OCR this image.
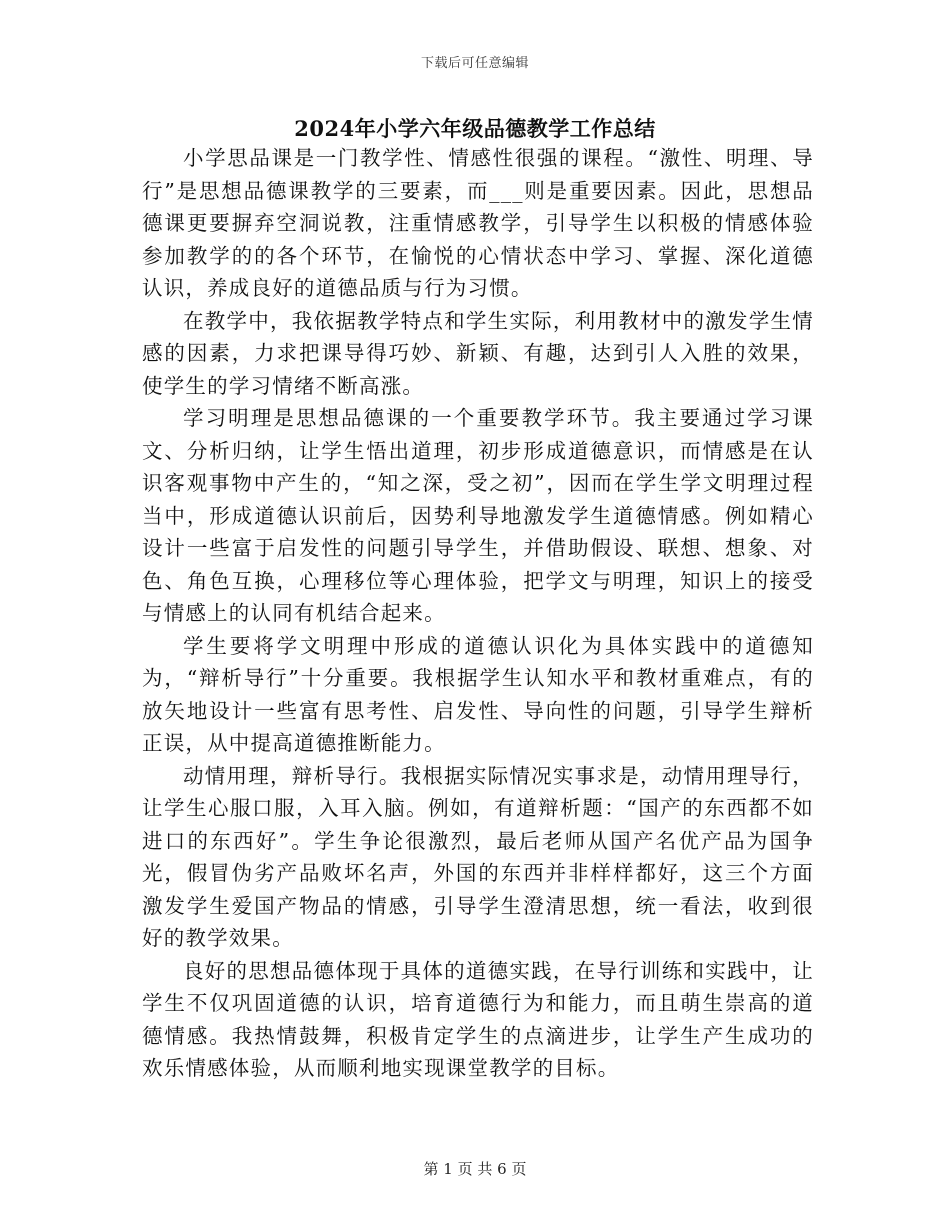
下载后可任意编辑
2024年小学六年级品德教学工作总结

小学思品课是一门教学性、情感性很强的课程。“激性、明理、导行”是思想品德课教学的三要素，而___则是重要因素。因此，思想品德课更要摒弃空洞说教，注重情感教学，引导学生以积极的情感体验参加教学的的各个环节，在愉悦的心情状态中学习、掌握、深化道德认识，养成良好的道德品质与行为习惯。

在教学中，我依据教学特点和学生实际，利用教材中的激发学生情感的因素，力求把课导得巧妙、新颖、有趣，达到引人入胜的效果，使学生的学习情绪不断高涨。

学习明理是思想品德课的一个重要教学环节。我主要通过学习课文、分析归纳，让学生悟出道理，初步形成道德意识，而情感是在认识客观事物中产生的，“知之深，受之初”，因而在学生学文明理过程当中，形成道德认识前后，因势利导地激发学生道德情感。例如精心设计一些富于启发性的问题引导学生，并借助假设、联想、想象、对色、角色互换，心理移位等心理体验，把学文与明理，知识上的接受与情感上的认同有机结合起来。

学生要将学文明理中形成的道德认识化为具体实践中的道德知为，“辩析导行”十分重要。我根据学生认知水平和教材重难点，有的放矢地设计一些富有思考性、启发性、导向性的问题，引导学生辩析正误，从中提高道德推断能力。

动情用理，辩析导行。我根据实际情况实事求是，动情用理导行，让学生心服口服，入耳入脑。例如，有道辩析题：“国产的东西都不如进口的东西好”。学生争论很激烈，最后老师从国产名优产品为国争光，假冒伪劣产品败坏名声，外国的东西并非样样都好，这三个方面激发学生爱国产物品的情感，引导学生澄清思想，统一看法，收到很好的教学效果。

良好的思想品德体现于具体的道德实践，在导行训练和实践中，让学生不仅巩固道德的认识，培育道德行为和能力，而且萌生崇高的道德情感。我热情鼓舞，积极肯定学生的点滴进步，让学生产生成功的欢乐情感体验，从而顺利地实现课堂教学的目标。

第 1 页 共 6 页
